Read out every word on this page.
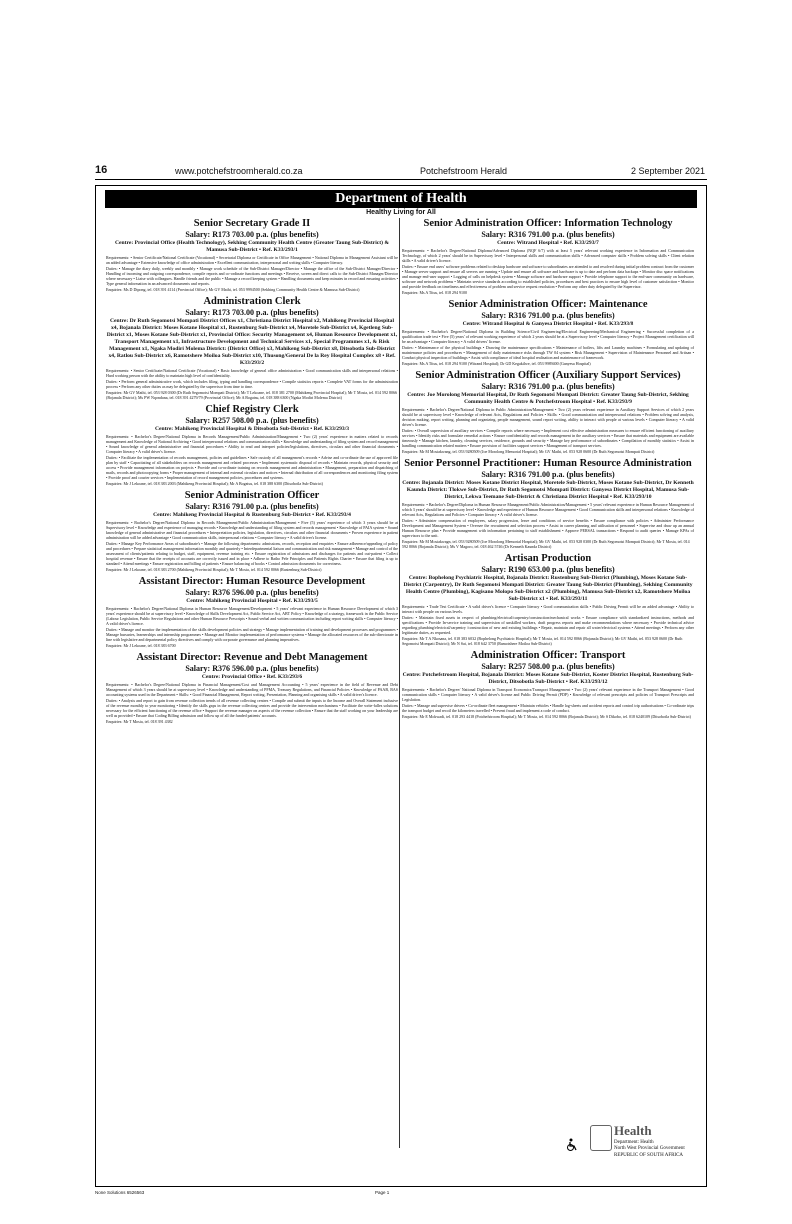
16	www.potchefstroomherald.co.za	Potchefstroom Herald	2 September 2021
Department of Health
Healthy Living for All
Senior Secretary Grade II
Salary: R173 703.00 p.a. (plus benefits)
Centre: Provincial Office (Health Technology), Sekhing Community Health Centre (Greater Taung Sub-District) & Mamusa Sub-District • Ref. K33/293/1
Requirements: • Senior Certificate/National Certificate (Vocational) • Secretarial Diploma or Certificate in Office Management • National Diploma in Management Assistant will be an added advantage • Extensive knowledge of office administration • Excellent communication, interpersonal and writing skills • Computer literacy.
Duties: • Manage the diary daily, weekly and monthly • Manage work schedule of the Sub-District Manager/Director • Manage the office of the Sub-District Manager/Director • Handling of incoming and outgoing correspondence, compile reports and co-ordinate functions and meetings • Receive, screen and direct calls to the Sub-District Manager/Director where necessary • Liaise with colleagues. Handle friends and the public • Manage a record keeping system • Handling documents and keep minutes in record and ensuring activities • Type general information in an advanced documents and reports.
Enquiries: Ms D Dipong, tel. 018 391 4114 (Provincial Office); Mr GV Mathi, tel. 053 9994500 (Sekhing Community Health Centre & Mamusa Sub-District)
Administration Clerk
Salary: R173 703.00 p.a. (plus benefits)
Centre: Dr Ruth Segomotsi Mompati District Offices x1, Christiana District Hospital x2, Mahikeng Provincial Hospital x4, Bojanala District: Moses Kotane Hospital x1, Rustenburg Sub-District x4, Moretele Sub-District x4, Kgetleng Sub-District x1, Moses Kotane Sub-District x1, Provincial Office: Security Management x4, Human Resource Development x1, Transport Management x1, Infrastructure Development and Technical Services x1, Special Programmes x1, & Risk Management x1, Ngaka Modiri Molema District: (District Office) x3, Mahikeng Sub-District x8, Ditsobotla Sub-District x4, Ratlou Sub-District x6, Ramotshere Moiloa Sub-District x10, Thusong/General De la Rey Hospital Complex x8 • Ref. K33/293/2
Requirements: • Senior Certificate/National Certificate (Vocational) • Basic knowledge of general office administration • Good communication skills and interpersonal relations • Hard working person with the ability to maintain high level of confidentiality.
Duties: • Perform general administrative work, which includes filing, typing and handling correspondence • Compile statistics reports • Complete VAT forms for the administration process • Perform any other duties as may be delegated by the supervisor from time to time.
Enquiries: Mr GV Mathi, tel. 053 928 0300 (Dr Ruth Segomotsi Mompati District); Mr T Lekoane, tel. 018 381 2700 (Mahikeng Provincial Hospital); Mr T Mosia, tel. 014 592 8066 (Bojanala District); Ms PW Nqondana, tel. 018 391 4279/79 (Provincial Office); Mr A Bogatsu, tel. 018 388 6300 (Ngaka Modiri Molema District)
Chief Registry Clerk
Salary: R257 508.00 p.a. (plus benefits)
Centre: Mahikeng Provincial Hospital & Ditsobotla Sub-District • Ref. K33/293/3
Requirements: • Bachelor's Degree/National Diploma in Records Management/Public Administration/Management • Two (2) years' experience in matters related to records management and Knowledge of National Archiving • Good interpersonal relations and communication skills • Knowledge and understanding of filing system and record management • Sound knowledge of general administrative and financial procedures • Ability to read and interpret policies/legislations, directives, circulars and other financial documents • Computer literacy • A valid driver's licence.
Duties: • Facilitate the implementation of records management, policies and guidelines • Safe custody of all management's records • Advise and co-ordinate the use of approved file plan by staff • Capacitating of all stakeholders on records management and related processes • Implement systematic disposal of records • Maintain records, physical security and access • Provide management information on projects • Provide and co-ordinate training on records management and administration • Management, preparation and dispatching of mails, records and photocopying forms • Proper management of internal and external circulars and notices • Internal distribution of all correspondences and monitoring filing system • Provide proof and courier services • Implementation of record management policies, procedures and systems.
Enquiries: Mr J Lekoane, tel. 018 383 2003 (Mahikeng Provincial Hospital); Mr A Bogatsu, tel. 018 388 6300 (Ditsobotla Sub-District)
Senior Administration Officer
Salary: R316 791.00 p.a. (plus benefits)
Centre: Mahikeng Provincial Hospital & Rustenburg Sub-District • Ref. K33/293/4
Requirements: • Bachelor's Degree/National Diploma in Records Management/Public Administration/Management • Five (5) years' experience of which 3 years should be at Supervisory level • Knowledge and experience of managing records • Knowledge and understanding of filing system and records management • Knowledge of PAIA system • Sound knowledge of general administrative and financial procedures • Interpretation policies, legislation, directives, circulars and other financial documents • Proven experience in patient administration will be added advantage • Good communication skills, interpersonal relations • Computer literacy • A valid driver's license.
Duties: • Manage Key Performance Areas of subordinate's • Manage the following departments: admissions, records, reception and enquiries • Ensure adherence/appealing of policy and procedures • Prepare statistical management information monthly and quarterly • Interdepartmental liaison and communication and risk management • Manage and control of the assessment of clients/patients relating to budget, staff, equipment, revenue training etc. • Ensure registration of admissions and discharges for patients and out-patient • Collect hospital revenue • Ensure that the receipts of accounts are correctly issued and in place • Adhere to Batho Pele Principles and Patients Rights Charter • Ensure that filing is up to standard • Attend meetings • Ensure registration and billing of patients • Ensure balancing of books • Control admission documents for correctness.
Enquiries: Mr J Lekoane, tel. 018 383 2700 (Mahikeng Provincial Hospital); Mr T Mosia, tel. 014 592 8066 (Rustenburg Sub-District)
Assistant Director: Human Resource Development
Salary: R376 596.00 p.a. (plus benefits)
Centre: Mahikeng Provincial Hospital • Ref. K33/293/5
Requirements: • Bachelor's Degree/National Diploma in Human Resource Management/Development • 5 years' relevant experience in Human Resource Development of which 3 years' experience should be at supervisory level • Knowledge of Skills Development Act, Public Service Act, ABT Policy • Knowledge of a strategy, framework in the Public Service (Labour Legislation, Public Service Regulations and other Human Resource Prescripts • Sound verbal and written communication including report writing skills • Computer literacy • A valid driver's licence.
Duties: • Manage and monitor the implementation of the skills development policies and strategy • Manage implementation of training and development processes and programmes • Manage bursaries, learnerships and internship programmes • Manage and Monitor implementation of performance systems • Manage the allocated resources of the sub-directorate in line with legislative and departmental policy directives and comply with corporate governance and planning imperatives.
Enquiries: Mr J Lekoane, tel. 018 383 6700
Assistant Director: Revenue and Debt Management
Salary: R376 596.00 p.a. (plus benefits)
Centre: Provincial Office • Ref. K33/293/6
Requirements: • Bachelor's Degree/National Diploma in Financial Management/Cost and Management Accounting • 5 years' experience in the field of Revenue and Debt Management of which 3 years should be at supervisory level • Knowledge and understanding of PFMA, Treasury Regulations, and Financial Policies • Knowledge of PAAB, BAS accounting systems used in the Department • Skills: • Good Financial Management, Report writing, Presentation, Planning and organising skills • A valid driver's licence.
Duties: • Analysis and report to gain from revenue collection trends of all revenue collecting centres • Compile and submit the inputs to the Income and Overall Statement inclusive of the revenue monthly to year monitoring • Identify the skills gaps in the revenue collecting centres and provide the intervention mechanisms • Facilitate the write-falles solutions necessary for the efficient functioning of the revenue office • Support the revenue manager on aspects of the revenue collection • Ensure that the staff working on your leadership are well as provided • Ensure that Coding Billing admission and follow up of all the funded patients' accounts.
Enquiries: Mr T Mosia, tel. 018 391 4382
Senior Administration Officer: Information Technology
Salary: R316 791.00 p.a. (plus benefits)
Centre: Witrand Hospital • Ref. K33/293/7
Requirements: • Bachelor's Degree/National Diploma/Advanced Diploma (NQF 6/7) with at least 5 years' relevant working experience in Information and Communication Technology, of which 2 years' should be in Supervisory level • Interpersonal skills and communication skills • Advanced computer skills • Problem solving skills • Client relation skills • A valid driver's licence.
Duties: • Ensure end users' software problems related to desktop hardware and software to subordinates are attended to and resolved during initial problem contract from the customer • Manage server support and ensure all servers are running • Update and ensure all software and hardware is up to date and perform data backups • Monitor disc space notifications and manage end-user support • Logging of calls on helpdesk system • Manage software and hardware support • Provide telephone support to the end-user community on hardware, software and network problems • Maintain service standards according to established policies, procedures and best practices to ensure high level of customer satisfaction • Monitor and provide feedback on timeliness and effectiveness of problem and service request resolution • Perform any other duty delegated by the Supervisor.
Enquiries: Ms A Titus, tel. 018 294 9100
Senior Administration Officer: Maintenance
Salary: R316 791.00 p.a. (plus benefits)
Centre: Witrand Hospital & Ganyesa District Hospital • Ref. K33/293/8
Requirements: • Bachelor's Degree/National Diploma in Building Science/Civil Engineering/Electrical Engineering/Mechanical Engineering • Successful completion of a qualification trade test • Five (5) years' of relevant working experience of which 2 years should be at a Supervisory level • Computer literacy • Project Management certification will be an advantage • Computer literacy • A valid drivers' license.
Duties: • Maintenance of the physical buildings • Drawing the maintenance specifications • Maintenance of boilers, lifts and Laundry machines • Formulating and updating of maintenance policies and procedures • Management of daily maintenance risks through TW 04 system • Risk Management • Supervision of Maintenance Personnel and Artisan • Conduct physical inspection of buildings • Assist with compliance of ideal hospital realisation and maintenance of framework.
Enquiries: Ms A Titus, tel. 018 294 9100 (Witrand Hospital); Dr GD Kegakilwe, tel. 053 9989400 (Ganyesa Hospital)
Senior Administration Officer (Auxiliary Support Services)
Salary: R316 791.00 p.a. (plus benefits)
Centre: Joe Morolong Memorial Hospital, Dr Ruth Segomotsi Mompati District: Greater Taung Sub-District, Sekhing Community Health Centre & Potchefstroom Hospital • Ref. K33/293/9
Requirements: • Bachelor's Degree/National Diploma in Public Administration/Management • Two (2) years relevant experience in Auxiliary Support Services of which 2 years should be at supervisory level • Knowledge of relevant Acts, Regulations and Policies • Skills: • Good communication and interpersonal relations • Problem solving and analysis, decision making, report writing, planning and organizing, people management, sound report writing, ability to interact with people at various levels • Computer literacy • A valid driver's license.
Duties: • Overall supervision of auxiliary services • Compile reports where necessary • Implement cost effective administration measures to ensure efficient functioning of auxiliary services • Identify risks and formulate remedial actions • Ensure confidentiality and records management in the auxiliary services • Ensure that materials and equipment are available timeously • Manage kitchen, laundry, cleaning services, residence, grounds and security • Manage key performance of subordinates • Compilation of monthly statistics • Assist in handling communication related matters • Ensure provision of facilities support services • Management of transport services.
Enquiries: Mr M Mosiakwang, tel. 053 9280509 (Joe Morolong Memorial Hospital); Mr GV Mathi, tel. 053 928 0600 (Dr Ruth Segomotsi Mompati District)
Senior Personnel Practitioner: Human Resource Administration
Salary: R316 791.00 p.a. (plus benefits)
Centre: Bojanala District: Moses Kotane District Hospital, Moretele Sub-District, Moses Kotane Sub-District, Dr Kenneth Kaunda District: Tlokwe Sub-District, Dr Ruth Segomotsi Mompati District: Ganyesa District Hospital, Mamusa Sub-District, Lekwa Teemane Sub-District & Christiana District Hospital • Ref. K33/293/10
Requirements: • Bachelor's Degree/Diploma in Human Resource Management/Public Administration/Management • 5 years' relevant experience in Human Resource Management of which 3 years' should be at supervisory level • Knowledge and experience of Human Resource Management • Good Communication skills and interpersonal relations • Knowledge of relevant Acts, Regulations and Policies • Computer literacy • A valid driver's license.
Duties: • Administer compensation of employees, salary progression, leave and conditions of service benefits • Ensure compliance with policies • Administer Performance Development and Management System • Oversee the recruitment and selection process • Assist in career planning and utilisation of personnel • Supervise and draw up an annual Human Resource plan • Provide management with information pertaining to staff establishment • Approve PERSAL transactions • Respond to audit queries • Manage KPAs of supervisors to the unit.
Enquiries: Mr M Mosiakwagn, tel. 053 9280509 (Joe Morolong Memorial Hospital); Mr GV Mathi, tel. 053 928 0300 (Dr Ruth Segomotsi Mompati District); Mr T Mosia, tel. 014 592 8066 (Bojanala District); Ms V Magoro, tel. 018 462 5746 (Dr Kenneth Kaunda District)
Artisan Production
Salary: R190 653.00 p.a. (plus benefits)
Centre: Bophelong Psychiatric Hospital, Bojanala District: Rustenburg Sub-District (Plumbing), Moses Kotane Sub-District (Carpentry), Dr Ruth Segomotsi Mompati District: Greater Taung Sub-District (Plumbing), Sekhing Community Health Centre (Plumbing), Kagisano Molopo Sub-District x2 (Plumbing), Mamusa Sub-District x2, Ramotshere Moiloa Sub-District x1 • Ref. K33/293/11
Requirements: • Trade Test Certificate • A valid driver's licence • Computer literacy • Good communication skills • Public Driving Permit will be an added advantage • Ability to interact with people on various levels.
Duties: • Maintain fixed assets in respect of plumbing/electrical/carpentry/construction/mechanical works • Ensure compliance with standardized instructions, methods and specifications • Provide In-service training and supervision of unskilled workers, draft progress reports and make recommendations where necessary • Provide technical advice regarding plumbing/electrical/carpentry /construction of new and existing buildings • Repair, maintain and repair all water/electrical systems • Attend meetings • Perform any other legitimate duties, as requested.
Enquiries: Mr T A Nkosana, tel. 018 383 6032 (Bophelong Psychiatric Hospital); Mr T Mosia, tel. 014 592 8066 (Bojanala District); Mr GV Mathi, tel. 053 928 0600 (Dr Ruth Segomotsi Mompati District); Mr N Sai, tel. 018 642 3750 (Ramotshere Moiloa Sub-District)
Administration Officer: Transport
Salary: R257 508.00 p.a. (plus benefits)
Centre: Potchefstroom Hospital, Bojanala District: Moses Kotane Sub-District, Koster District Hospital, Rustenburg Sub-District, Ditsobotla Sub-District • Ref. K33/293/12
Requirements: • Bachelor's Degree/ National Diploma in Transport Economics/Transport Management • Two (2) years' relevant experience in the Transport Management • Good communication skills • Computer literacy • A valid driver's license and Public Driving Permit (PDP) • Knowledge of relevant prescripts and policies of Transport Prescripts and Legislation.
Duties: • Manage and supervise drivers • Co-ordinate fleet management • Maintain vehicles • Handle log-sheets and accident reports and control trip authorisations • Co-ordinate trips the transport budget and recoil the kilometers travelled • Prevent fraud and implement a code of conduct.
Enquiries: Mr E Mokwadi, tel. 018 293 4418 (Potchefstroom Hospital); Mr T Mosia, tel. 014 592 8066 (Bojanala District); Mr S Dikobo, tel. 018 6240109 (Ditsobotla Sub-District)
Health
Department: Health
North West Provincial Government
REPUBLIC OF SOUTH AFRICA
None Solutions 6526563	Page 1
